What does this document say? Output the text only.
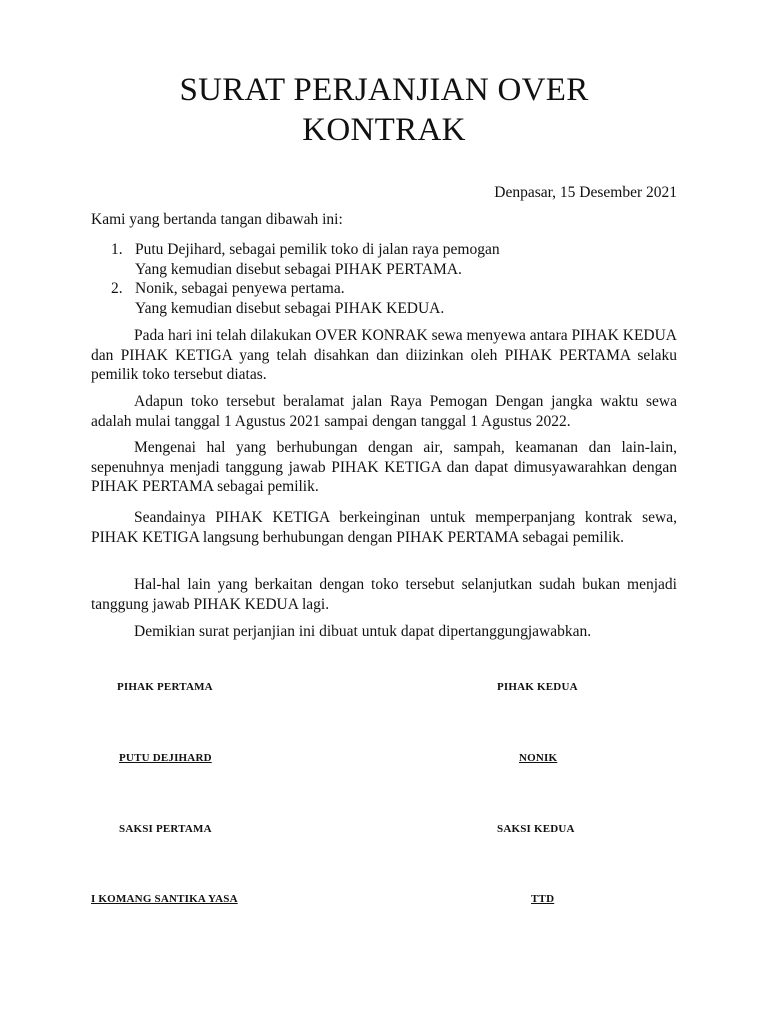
SURAT PERJANJIAN OVER
KONTRAK
Denpasar, 15 Desember 2021
Kami yang bertanda tangan dibawah ini:
1. Putu Dejihard, sebagai pemilik toko di jalan raya pemogan
Yang kemudian disebut sebagai PIHAK PERTAMA.
2. Nonik, sebagai penyewa pertama.
Yang kemudian disebut sebagai PIHAK KEDUA.

Pada hari ini telah dilakukan OVER KONRAK sewa menyewa antara PIHAK KEDUA dan PIHAK KETIGA yang telah disahkan dan diizinkan oleh PIHAK PERTAMA selaku pemilik toko tersebut diatas.

Adapun toko tersebut beralamat jalan Raya Pemogan Dengan jangka waktu sewa adalah mulai tanggal 1 Agustus 2021 sampai dengan tanggal 1 Agustus 2022.

Mengenai hal yang berhubungan dengan air, sampah, keamanan dan lain-lain, sepenuhnya menjadi tanggung jawab PIHAK KETIGA dan dapat dimusyawarahkan dengan PIHAK PERTAMA sebagai pemilik.

Seandainya PIHAK KETIGA berkeinginan untuk memperpanjang kontrak sewa, PIHAK KETIGA langsung berhubungan dengan PIHAK PERTAMA sebagai pemilik.

Hal-hal lain yang berkaitan dengan toko tersebut selanjutkan sudah bukan menjadi tanggung jawab PIHAK KEDUA lagi.

Demikian surat perjanjian ini dibuat untuk dapat dipertanggungjawabkan.

PIHAK PERTAMA	PIHAK KEDUA
PUTU DEJIHARD	NONIK
SAKSI PERTAMA	SAKSI KEDUA
I KOMANG SANTIKA YASA	TTD
